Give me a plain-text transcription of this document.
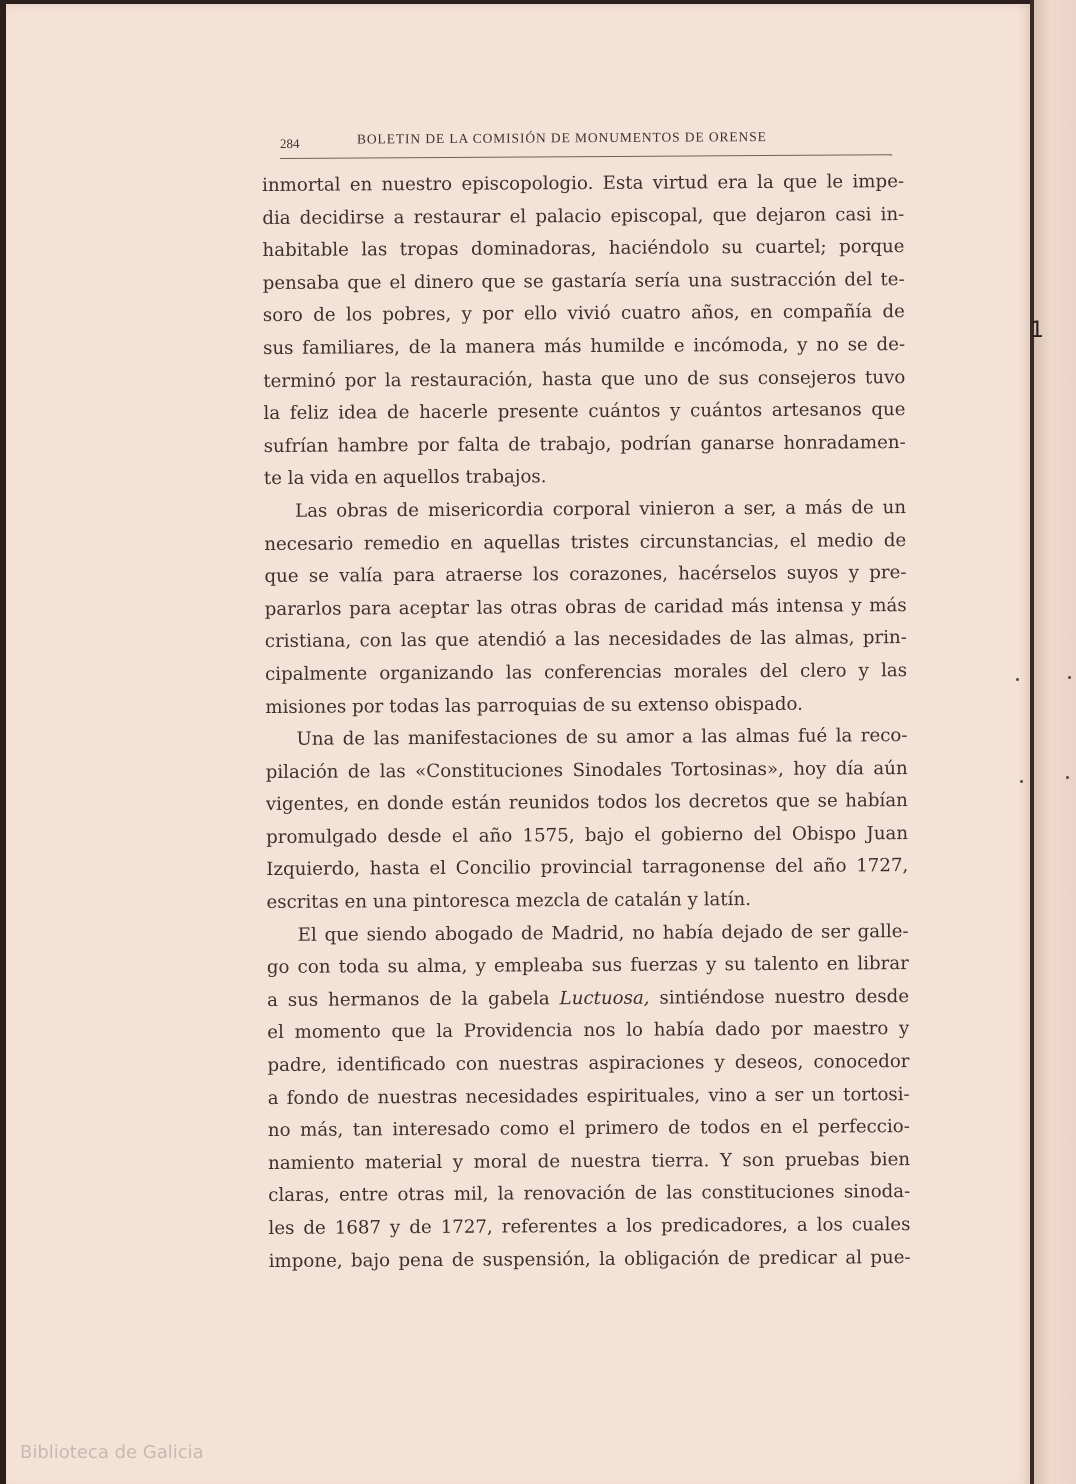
284	BOLETIN DE LA COMISIÓN DE MONUMENTOS DE ORENSE
inmortal en nuestro episcopologio. Esta virtud era la que le impe-
dia decidirse a restaurar el palacio episcopal, que dejaron casi in-
habitable las tropas dominadoras, haciéndolo su cuartel; porque
pensaba que el dinero que se gastaría sería una sustracción del te-
soro de los pobres, y por ello vivió cuatro años, en compañía de
sus familiares, de la manera más humilde e incómoda, y no se de-
terminó por la restauración, hasta que uno de sus consejeros tuvo
la feliz idea de hacerle presente cuántos y cuántos artesanos que
sufrían hambre por falta de trabajo, podrían ganarse honradamen-
te la vida en aquellos trabajos.
Las obras de misericordia corporal vinieron a ser, a más de un
necesario remedio en aquellas tristes circunstancias, el medio de
que se valía para atraerse los corazones, hacérselos suyos y pre-
pararlos para aceptar las otras obras de caridad más intensa y más
cristiana, con las que atendió a las necesidades de las almas, prin-
cipalmente organizando las conferencias morales del clero y las
misiones por todas las parroquias de su extenso obispado.
Una de las manifestaciones de su amor a las almas fué la reco-
pilación de las «Constituciones Sinodales Tortosinas», hoy día aún
vigentes, en donde están reunidos todos los decretos que se habían
promulgado desde el año 1575, bajo el gobierno del Obispo Juan
Izquierdo, hasta el Concilio provincial tarragonense del año 1727,
escritas en una pintoresca mezcla de catalán y latín.
El que siendo abogado de Madrid, no había dejado de ser galle-
go con toda su alma, y empleaba sus fuerzas y su talento en librar
a sus hermanos de la gabela Luctuosa, sintiéndose nuestro desde
el momento que la Providencia nos lo había dado por maestro y
padre, identificado con nuestras aspiraciones y deseos, conocedor
a fondo de nuestras necesidades espirituales, vino a ser un tortosi-
no más, tan interesado como el primero de todos en el perfeccio-
namiento material y moral de nuestra tierra. Y son pruebas bien
claras, entre otras mil, la renovación de las constituciones sinoda-
les de 1687 y de 1727, referentes a los predicadores, a los cuales
impone, bajo pena de suspensión, la obligación de predicar al pue-
1
Biblioteca de Galicia
